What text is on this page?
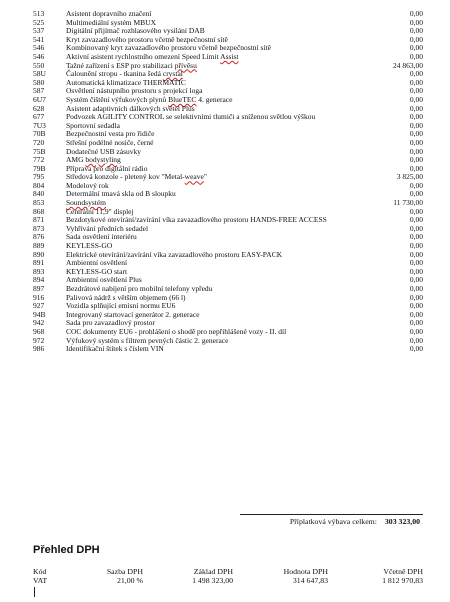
513	Asistent dopravního značení	0,00
525	Multimediální systém MBUX	0,00
537	Digitální přijímač rozhlasového vysílání DAB	0,00
541	Kryt zavazadlového prostoru včetně bezpečnostní sítě	0,00
546	Kombinovaný kryt zavazadlového prostoru včetně bezpečnostní sítě	0,00
546	Aktivní asistent rychlostního omezení Speed Limit Assist	0,00
550	Tažné zařízení s ESP pro stabilizaci přívěsu	24 863,00
58U	Čalounění stropu - tkanina šedá crystal	0,00
580	Automatická klimatizace THERMATIC	0,00
587	Osvětlení nástupního prostoru s projekcí loga	0,00
6U7	Systém čištění výfukových plynů BlueTEC 4. generace	0,00
628	Asistent adaptivních dálkových světel Plus	0,00
677	Podvozek AGILITY CONTROL se selektivními tlumiči a sníženou světlou výškou	0,00
7U3	Sportovní sedadla	0,00
70B	Bezpečnostní vesta pro řidiče	0,00
720	Střešní podélné nosiče, černé	0,00
75B	Dodatečné USB zásuvky	0,00
772	AMG bodystyling	0,00
79B	Příprava pro digitální rádio	0,00
795	Středová konzole - pletený kov "Metal-weave"	3 825,00
804	Modelový rok	0,00
840	Determální tmavá skla od B sloupku	0,00
853	Soundsystém	11 730,00
868	Centrální 11,9" displej	0,00
871	Bezdotykové otevírání/zavírání víka zavazadlového prostoru HANDS-FREE ACCESS	0,00
873	Vyhřívání předních sedadel	0,00
876	Sada osvětlení interiéru	0,00
889	KEYLESS-GO	0,00
890	Elektrické otevírání/zavírání víka zavazadlového prostoru EASY-PACK	0,00
891	Ambientní osvětlení	0,00
893	KEYLESS-GO start	0,00
894	Ambientní osvětlení Plus	0,00
897	Bezdrátové nabíjení pro mobilní telefony vpředu	0,00
916	Palivová nádrž s větším objemem (66 l)	0,00
927	Vozidla splňující emisní normu EU6	0,00
94B	Integrovaný startovací generátor 2. generace	0,00
942	Sada pro zavazadlový prostor	0,00
968	COC dokumenty EU6 - prohlášení o shodě pro nepřihlášené vozy - II. díl	0,00
972	Výfukový systém s filtrem pevných částic 2. generace	0,00
986	Identifikační štítek s číslem VIN	0,00
Příplatková výbava celkem: 303 323,00
Přehled DPH
Kód	Sazba DPH	Základ DPH	Hodnota DPH	Včetně DPH
VAT	21,00 %	1 498 323,00	314 647,83	1 812 970,83
